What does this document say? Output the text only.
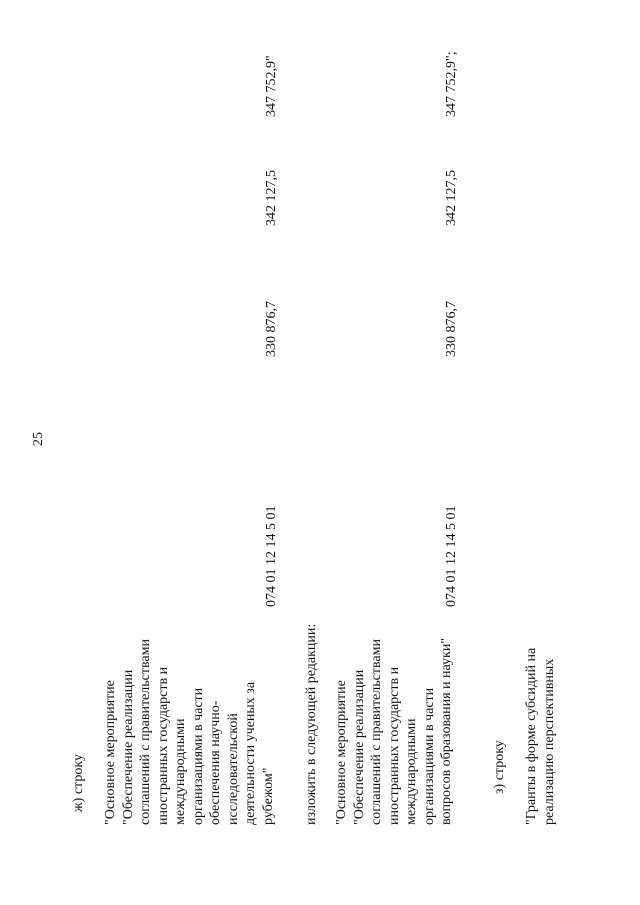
25
ж) строку "Основное мероприятие "Обеспечение реализации соглашений с правительствами иностранных государств и международными организациями в части обеспечения научно- исследовательской деятельности ученых за рубежом"
074 01 12 14 5 01
330 876,7
342 127,5
347 752,9"
изложить в следующей редакции: "Основное мероприятие "Обеспечение реализации соглашений с правительствами иностранных государств и международными организациями в части вопросов образования и науки"
074 01 12 14 5 01
330 876,7
342 127,5
347 752,9";
з) строку "Гранты в форме субсидий на реализацию перспективных
